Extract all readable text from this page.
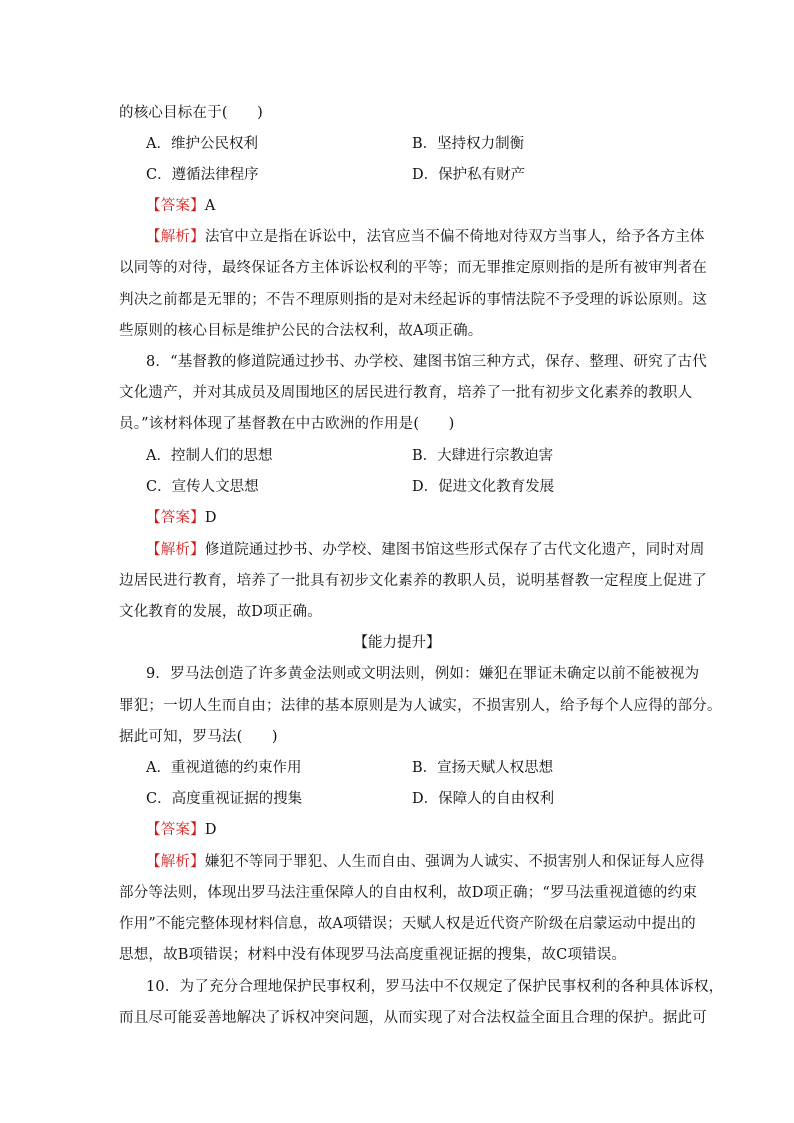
的核心目标在于(　　)
A．维护公民权利	B．坚持权力制衡
C．遵循法律程序	D．保护私有财产
【答案】A
【解析】法官中立是指在诉讼中，法官应当不偏不倚地对待双方当事人，给予各方主体
以同等的对待，最终保证各方主体诉讼权利的平等；而无罪推定原则指的是所有被审判者在
判决之前都是无罪的；不告不理原则指的是对未经起诉的事情法院不予受理的诉讼原则。这
些原则的核心目标是维护公民的合法权利，故A项正确。
8．“基督教的修道院通过抄书、办学校、建图书馆三种方式，保存、整理、研究了古代
文化遗产，并对其成员及周围地区的居民进行教育，培养了一批有初步文化素养的教职人
员。”该材料体现了基督教在中古欧洲的作用是(　　)
A．控制人们的思想	B．大肆进行宗教迫害
C．宣传人文思想	D．促进文化教育发展
【答案】D
【解析】修道院通过抄书、办学校、建图书馆这些形式保存了古代文化遗产，同时对周
边居民进行教育，培养了一批具有初步文化素养的教职人员，说明基督教一定程度上促进了
文化教育的发展，故D项正确。
【能力提升】
9．罗马法创造了许多黄金法则或文明法则，例如：嫌犯在罪证未确定以前不能被视为
罪犯；一切人生而自由；法律的基本原则是为人诚实，不损害别人，给予每个人应得的部分。
据此可知，罗马法(　　)
A．重视道德的约束作用	B．宣扬天赋人权思想
C．高度重视证据的搜集	D．保障人的自由权利
【答案】D
【解析】嫌犯不等同于罪犯、人生而自由、强调为人诚实、不损害别人和保证每人应得
部分等法则，体现出罗马法注重保障人的自由权利，故D项正确；“罗马法重视道德的约束
作用”不能完整体现材料信息，故A项错误；天赋人权是近代资产阶级在启蒙运动中提出的
思想，故B项错误；材料中没有体现罗马法高度重视证据的搜集，故C项错误。
10．为了充分合理地保护民事权利，罗马法中不仅规定了保护民事权利的各种具体诉权，
而且尽可能妥善地解决了诉权冲突问题，从而实现了对合法权益全面且合理的保护。据此可
